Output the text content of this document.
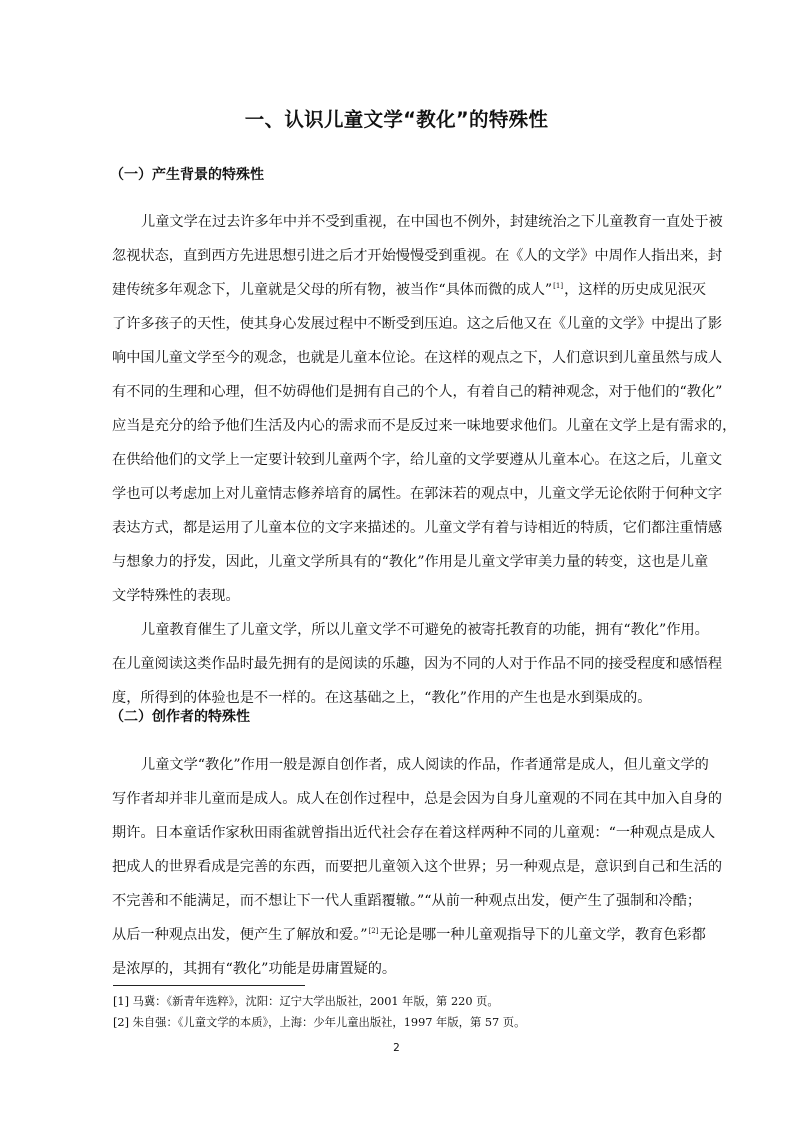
一、认识儿童文学“教化”的特殊性
（一）产生背景的特殊性
儿童文学在过去许多年中并不受到重视，在中国也不例外，封建统治之下儿童教育一直处于被
忽视状态，直到西方先进思想引进之后才开始慢慢受到重视。在《人的文学》中周作人指出来，封
建传统多年观念下，儿童就是父母的所有物，被当作“具体而微的成人”[1]，这样的历史成见泯灭
了许多孩子的天性，使其身心发展过程中不断受到压迫。这之后他又在《儿童的文学》中提出了影
响中国儿童文学至今的观念，也就是儿童本位论。在这样的观点之下，人们意识到儿童虽然与成人
有不同的生理和心理，但不妨碍他们是拥有自己的个人，有着自己的精神观念，对于他们的“教化”
应当是充分的给予他们生活及内心的需求而不是反过来一味地要求他们。儿童在文学上是有需求的，
在供给他们的文学上一定要计较到儿童两个字，给儿童的文学要遵从儿童本心。在这之后，儿童文
学也可以考虑加上对儿童情志修养培育的属性。在郭沫若的观点中，儿童文学无论依附于何种文字
表达方式，都是运用了儿童本位的文字来描述的。儿童文学有着与诗相近的特质，它们都注重情感
与想象力的抒发，因此，儿童文学所具有的“教化”作用是儿童文学审美力量的转变，这也是儿童
文学特殊性的表现。
儿童教育催生了儿童文学，所以儿童文学不可避免的被寄托教育的功能，拥有“教化”作用。
在儿童阅读这类作品时最先拥有的是阅读的乐趣，因为不同的人对于作品不同的接受程度和感悟程
（二）创作者的特殊性
儿童文学“教化”作用一般是源自创作者，成人阅读的作品，作者通常是成人，但儿童文学的
写作者却并非儿童而是成人。成人在创作过程中，总是会因为自身儿童观的不同在其中加入自身的
期许。日本童话作家秋田雨雀就曾指出近代社会存在着这样两种不同的儿童观：“一种观点是成人
把成人的世界看成是完善的东西，而要把儿童领入这个世界；另一种观点是，意识到自己和生活的
不完善和不能满足，而不想让下一代人重蹈覆辙。”“从前一种观点出发，便产生了强制和冷酷；
从后一种观点出发，便产生了解放和爱。”[2]无论是哪一种儿童观指导下的儿童文学，教育色彩都
是浓厚的，其拥有“教化”功能是毋庸置疑的。
[1] 马冀：《新青年选粹》，沈阳：辽宁大学出版社，2001 年版，第 220 页。
[2] 朱自强：《儿童文学的本质》，上海：少年儿童出版社，1997 年版，第 57 页。
2
度，所得到的体验也是不一样的。在这基础之上，“教化”作用的产生也是水到渠成的。
